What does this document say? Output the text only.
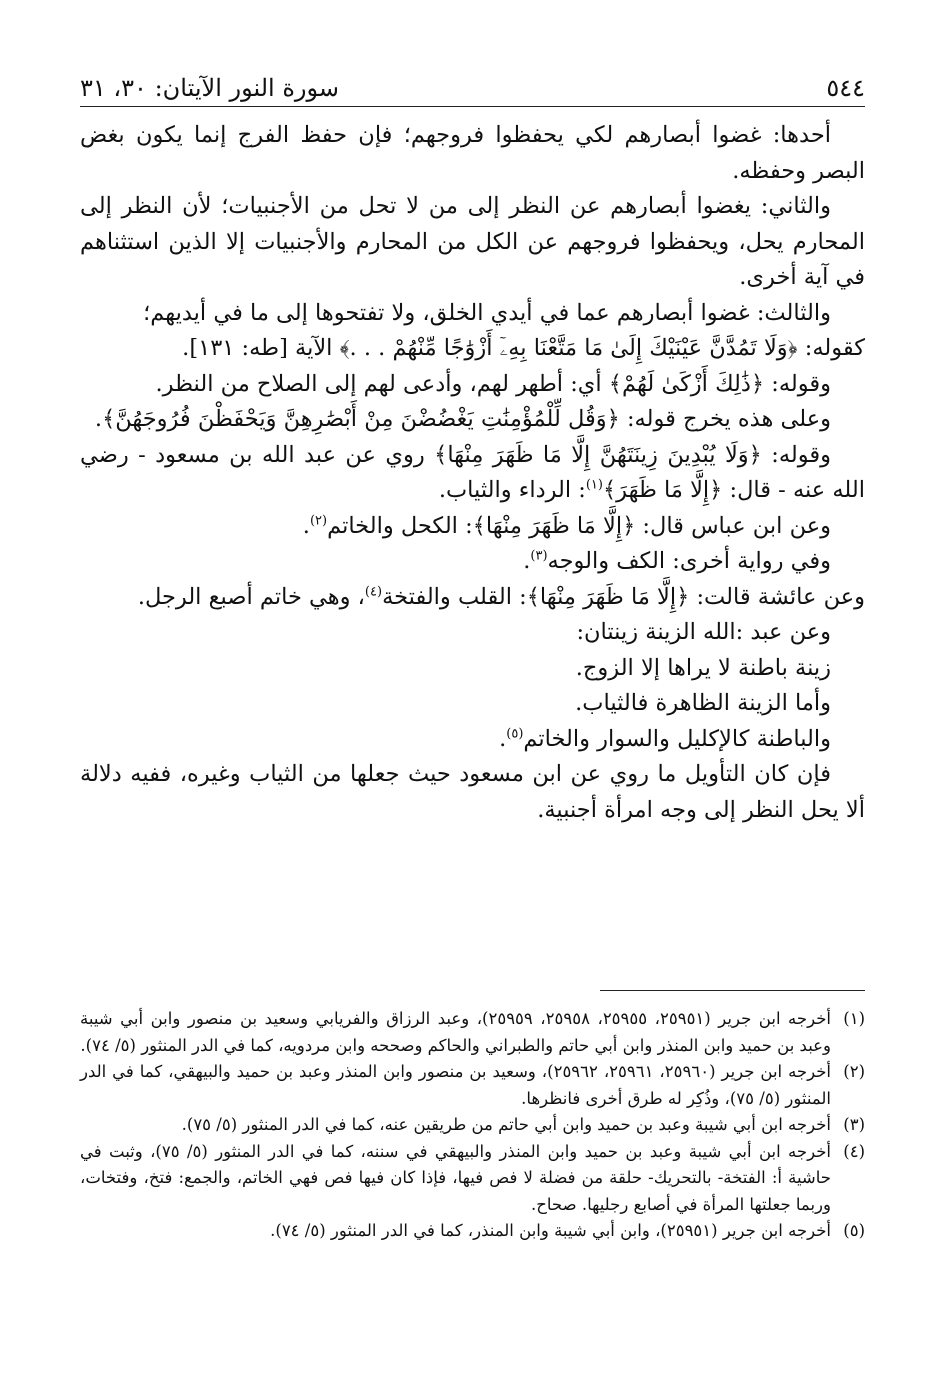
٥٤٤
سورة النور الآيتان: ٣٠، ٣١

أحدها: غضوا أبصارهم لكي يحفظوا فروجهم؛ فإن حفظ الفرج إنما يكون بغض البصر وحفظه.

والثاني: يغضوا أبصارهم عن النظر إلى من لا تحل من الأجنبيات؛ لأن النظر إلى المحارم يحل، ويحفظوا فروجهم عن الكل من المحارم والأجنبيات إلا الذين استثناهم في آية أخرى.

والثالث: غضوا أبصارهم عما في أيدي الخلق، ولا تفتحوها إلى ما في أيديهم؛

كقوله: ﴿وَلَا تَمُدَّنَّ عَيْنَيْكَ إِلَىٰ مَا مَتَّعْنَا بِهِۦٓ أَزْوَٰجًا مِّنْهُمْ . . .﴾ الآية [طه: ١٣١].

وقوله: ﴿ذَٰلِكَ أَزْكَىٰ لَهُمْ﴾ أي: أطهر لهم، وأدعى لهم إلى الصلاح من النظر.

وعلى هذه يخرج قوله: ﴿وَقُل لِّلْمُؤْمِنَٰتِ يَغْضُضْنَ مِنْ أَبْصَٰرِهِنَّ وَيَحْفَظْنَ فُرُوجَهُنَّ﴾.

وقوله: ﴿وَلَا يُبْدِينَ زِينَتَهُنَّ إِلَّا مَا ظَهَرَ مِنْهَا﴾ روي عن عبد الله بن مسعود - رضي الله عنه - قال: ﴿إِلَّا مَا ظَهَرَ﴾$^{(١)}$: الرداء والثياب.

وعن ابن عباس قال: ﴿إِلَّا مَا ظَهَرَ مِنْهَا﴾: الكحل والخاتم$^{(٢)}$.

وفي رواية أخرى: الكف والوجه$^{(٣)}$.

وعن عائشة قالت: ﴿إِلَّا مَا ظَهَرَ مِنْهَا﴾: القلب والفتخة$^{(٤)}$، وهي خاتم أصبع الرجل.

وعن عبد :الله الزينة زينتان:

زينة باطنة لا يراها إلا الزوج.

وأما الزينة الظاهرة فالثياب.

والباطنة كالإكليل والسوار والخاتم$^{(٥)}$.

فإن كان التأويل ما روي عن ابن مسعود حيث جعلها من الثياب وغيره، ففيه دلالة ألا يحل النظر إلى وجه امرأة أجنبية.

(١)
أخرجه ابن جرير (٢٥٩٥١، ٢٥٩٥٥، ٢٥٩٥٨، ٢٥٩٥٩)، وعبد الرزاق والفريابي وسعيد بن منصور وابن أبي شيبة وعبد بن حميد وابن المنذر وابن أبي حاتم والطبراني والحاكم وصححه وابن مردويه، كما في الدر المنثور (٥/ ٧٤).
(٢)
أخرجه ابن جرير (٢٥٩٦٠، ٢٥٩٦١، ٢٥٩٦٢)، وسعيد بن منصور وابن المنذر وعبد بن حميد والبيهقي، كما في الدر المنثور (٥/ ٧٥)، وذُكِر له طرق أخرى فانظرها.
(٣)
أخرجه ابن أبي شيبة وعبد بن حميد وابن أبي حاتم من طريقين عنه، كما في الدر المنثور (٥/ ٧٥).
(٤)
أخرجه ابن أبي شيبة وعبد بن حميد وابن المنذر والبيهقي في سننه، كما في الدر المنثور (٥/ ٧٥)، وثبت في حاشية أ: الفتخة- بالتحريك- حلقة من فضلة لا فص فيها، فإذا كان فيها فص فهي الخاتم، والجمع: فتخ، وفتخات، وربما جعلتها المرأة في أصابع رجليها. صحاح.
(٥)
أخرجه ابن جرير (٢٥٩٥١)، وابن أبي شيبة وابن المنذر، كما في الدر المنثور (٥/ ٧٤).
